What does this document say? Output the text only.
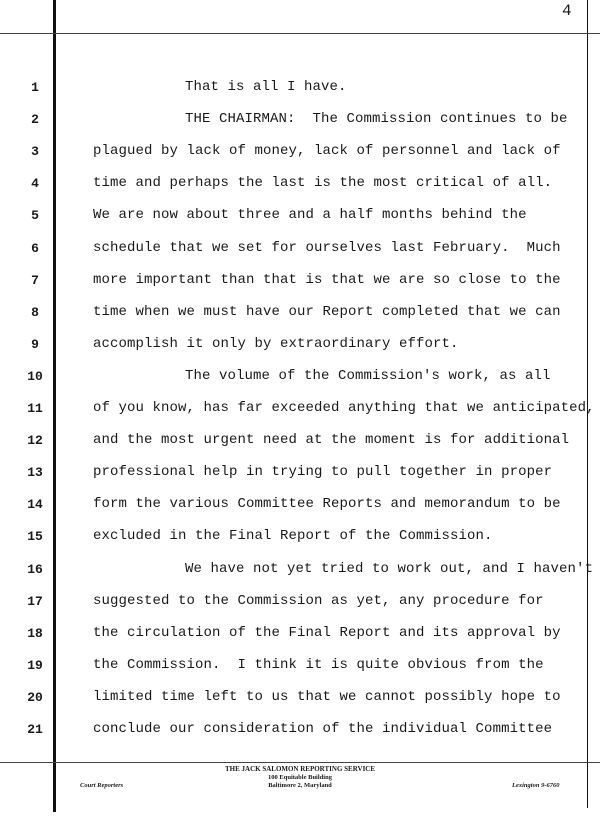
4
1	That is all I have.
2	THE CHAIRMAN:  The Commission continues to be
3	plagued by lack of money, lack of personnel and lack of
4	time and perhaps the last is the most critical of all.
5	We are now about three and a half months behind the
6	schedule that we set for ourselves last February.  Much
7	more important than that is that we are so close to the
8	time when we must have our Report completed that we can
9	accomplish it only by extraordinary effort.
10	The volume of the Commission's work, as all
11	of you know, has far exceeded anything that we anticipated,
12	and the most urgent need at the moment is for additional
13	professional help in trying to pull together in proper
14	form the various Committee Reports and memorandum to be
15	excluded in the Final Report of the Commission.
16	We have not yet tried to work out, and I haven't
17	suggested to the Commission as yet, any procedure for
18	the circulation of the Final Report and its approval by
19	the Commission.  I think it is quite obvious from the
20	limited time left to us that we cannot possibly hope to
21	conclude our consideration of the individual Committee
THE JACK SALOMON REPORTING SERVICE
100 Equitable Building
Baltimore 2, Maryland
Court Reporters	Lexington 9-6760
